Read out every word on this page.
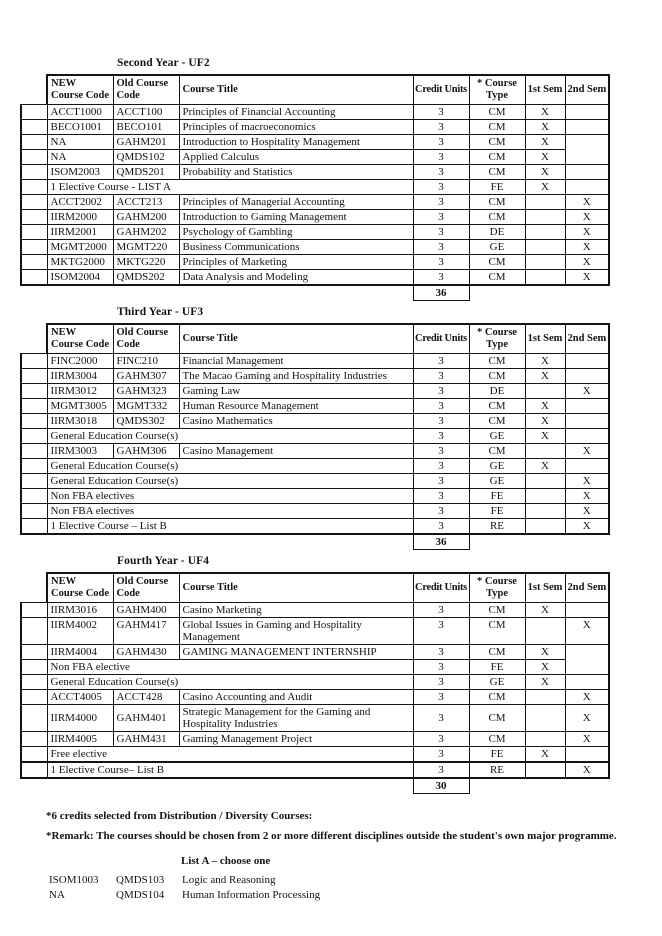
Second Year - UF2
	NEW Course Code	Old Course Code	Course Title	Credit Units	* Course Type	1st Sem	2nd Sem
	ACCT1000	ACCT100	Principles of Financial Accounting	3	CM	X	
	BECO1001	BECO101	Principles of macroeconomics	3	CM	X	
	NA	GAHM201	Introduction to Hospitality Management	3	CM	X	
	NA	QMDS102	Applied Calculus	3	CM	X	
	ISOM2003	QMDS201	Probability and Statistics	3	CM	X	
	1 Elective Course - LIST A			3	FE	X	
	ACCT2002	ACCT213	Principles of Managerial Accounting	3	CM		X
	IIRM2000	GAHM200	Introduction to Gaming Management	3	CM		X
	IIRM2001	GAHM202	Psychology of Gambling	3	DE		X
	MGMT2000	MGMT220	Business Communications	3	GE		X
	MKTG2000	MKTG220	Principles of Marketing	3	CM		X
	ISOM2004	QMDS202	Data Analysis and Modeling	3	CM		X
				36			
Third Year - UF3
	NEW Course Code	Old Course Code	Course Title	Credit Units	* Course Type	1st Sem	2nd Sem
	FINC2000	FINC210	Financial Management	3	CM	X	
	IIRM3004	GAHM307	The Macao Gaming and Hospitality Industries	3	CM	X	
	IIRM3012	GAHM323	Gaming Law	3	DE		X
	MGMT3005	MGMT332	Human Resource Management	3	CM	X	
	IIRM3018	QMDS302	Casino Mathematics	3	CM	X	
	General Education Course(s)			3	GE	X	
	IIRM3003	GAHM306	Casino Management	3	CM		X
	General Education Course(s)			3	GE	X	
	General Education Course(s)			3	GE		X
	Non FBA electives			3	FE		X
	Non FBA electives			3	FE		X
	1 Elective Course – List B			3	RE		X
				36			
Fourth Year - UF4
	NEW Course Code	Old Course Code	Course Title	Credit Units	* Course Type	1st Sem	2nd Sem
	IIRM3016	GAHM400	Casino Marketing	3	CM	X	
	IIRM4002	GAHM417	Global Issues in Gaming and Hospitality Management	3	CM		X
	IIRM4004	GAHM430	GAMING MANAGEMENT INTERNSHIP	3	CM	X	
	Non FBA elective			3	FE	X	
	General Education Course(s)			3	GE	X	
	ACCT4005	ACCT428	Casino Accounting and Audit	3	CM		X
	IIRM4000	GAHM401	Strategic Management for the Gaming and Hospitality Industries	3	CM		X
	IIRM4005	GAHM431	Gaming Management Project	3	CM		X
	Free elective			3	FE	X	
	1 Elective Course– List B			3	RE		X
				30			

*6 credits selected from Distribution / Diversity Courses:

*Remark: The courses should be chosen from 2 or more different disciplines outside the student's own major programme.

List A – choose one
ISOM1003	QMDS103	Logic and Reasoning
NA	QMDS104	Human Information Processing
